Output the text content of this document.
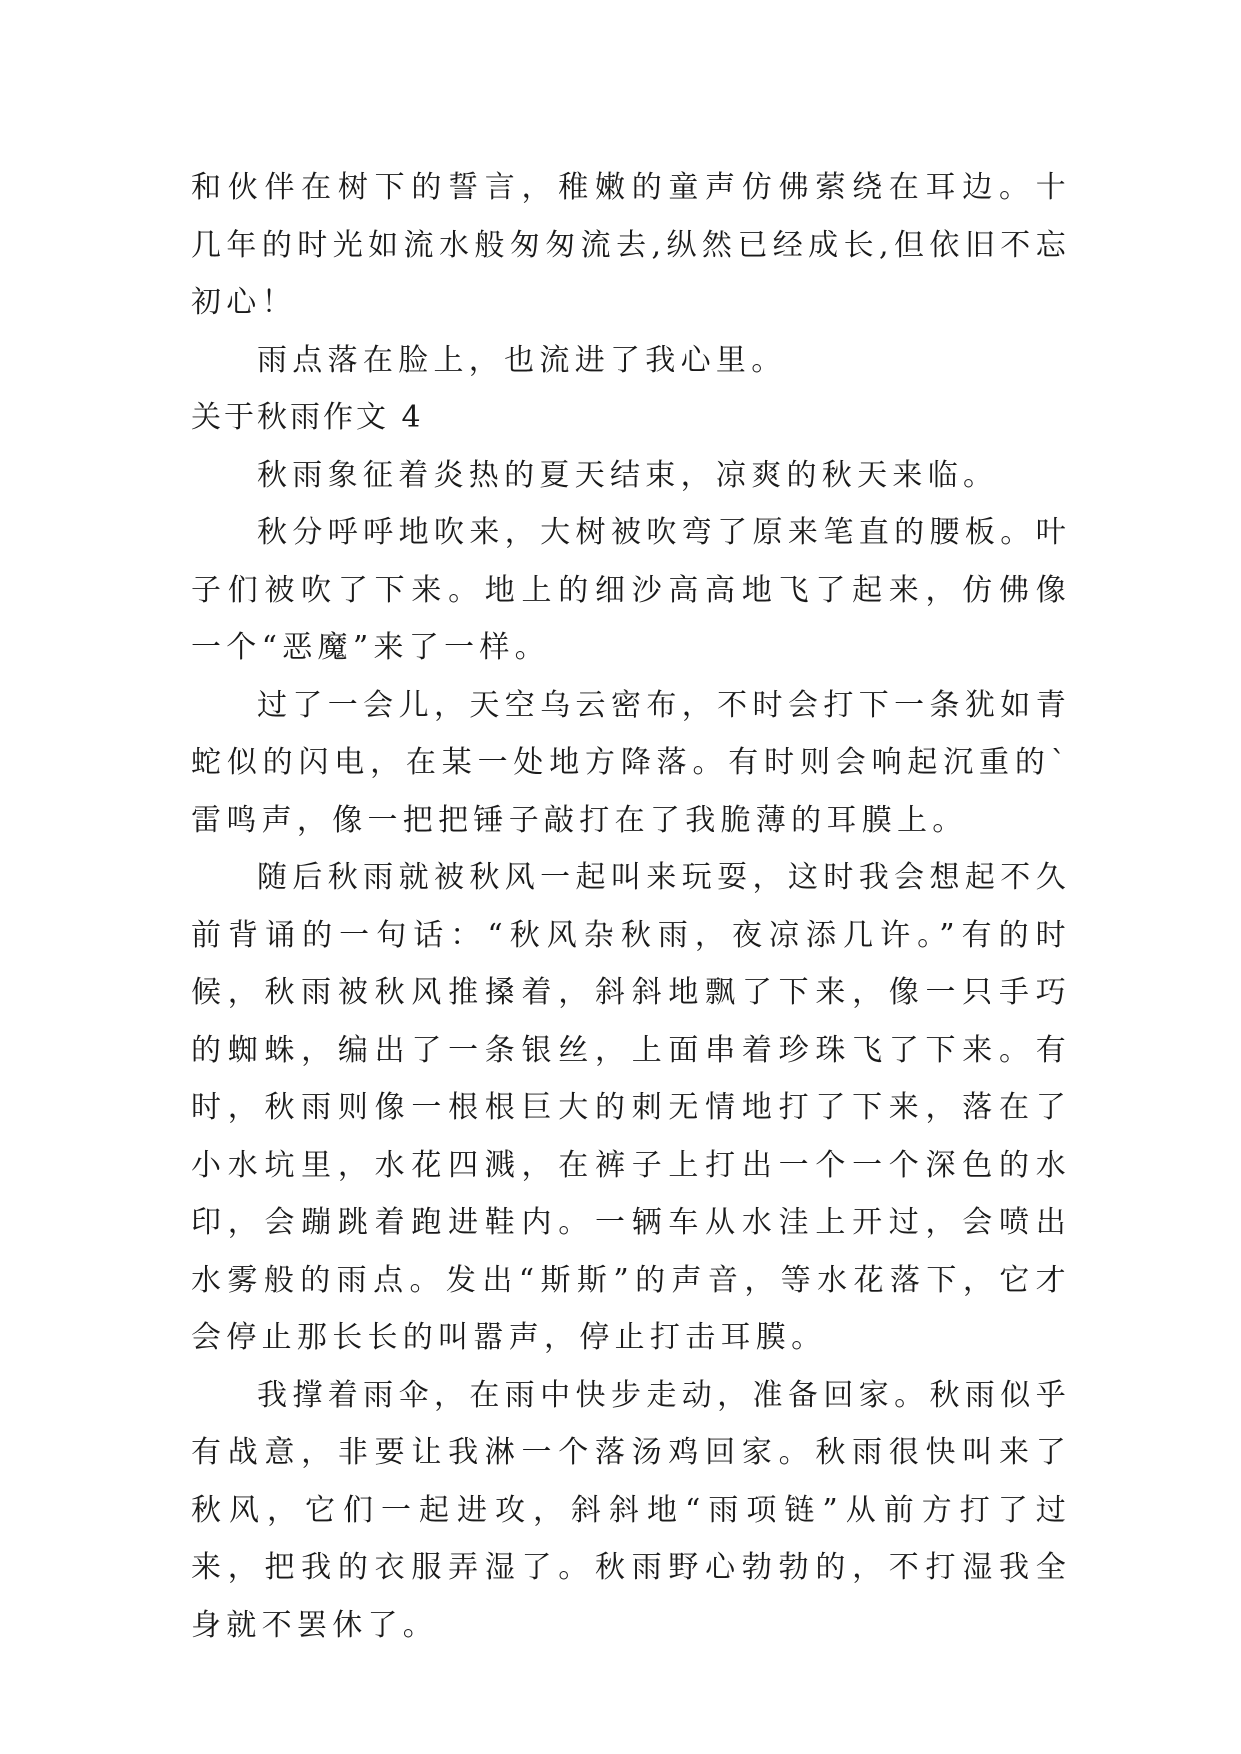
和伙伴在树下的誓言，稚嫩的童声仿佛萦绕在耳边。十几年的时光如流水般匆匆流去,纵然已经成长,但依旧不忘初心！

雨点落在脸上，也流进了我心里。

关于秋雨作文 4

秋雨象征着炎热的夏天结束，凉爽的秋天来临。

秋分呼呼地吹来，大树被吹弯了原来笔直的腰板。叶子们被吹了下来。地上的细沙高高地飞了起来，仿佛像一个“恶魔”来了一样。

过了一会儿，天空乌云密布，不时会打下一条犹如青蛇似的闪电，在某一处地方降落。有时则会响起沉重的`雷鸣声，像一把把锤子敲打在了我脆薄的耳膜上。

随后秋雨就被秋风一起叫来玩耍，这时我会想起不久前背诵的一句话：“秋风杂秋雨，夜凉添几许。”有的时候，秋雨被秋风推搡着，斜斜地飘了下来，像一只手巧的蜘蛛，编出了一条银丝，上面串着珍珠飞了下来。有时，秋雨则像一根根巨大的刺无情地打了下来，落在了小水坑里，水花四溅，在裤子上打出一个一个深色的水印，会蹦跳着跑进鞋内。一辆车从水洼上开过，会喷出水雾般的雨点。发出“斯斯”的声音，等水花落下，它才会停止那长长的叫嚣声，停止打击耳膜。

我撑着雨伞，在雨中快步走动，准备回家。秋雨似乎有战意，非要让我淋一个落汤鸡回家。秋雨很快叫来了秋风，它们一起进攻，斜斜地“雨项链”从前方打了过来，把我的衣服弄湿了。秋雨野心勃勃的，不打湿我全身就不罢休了。
